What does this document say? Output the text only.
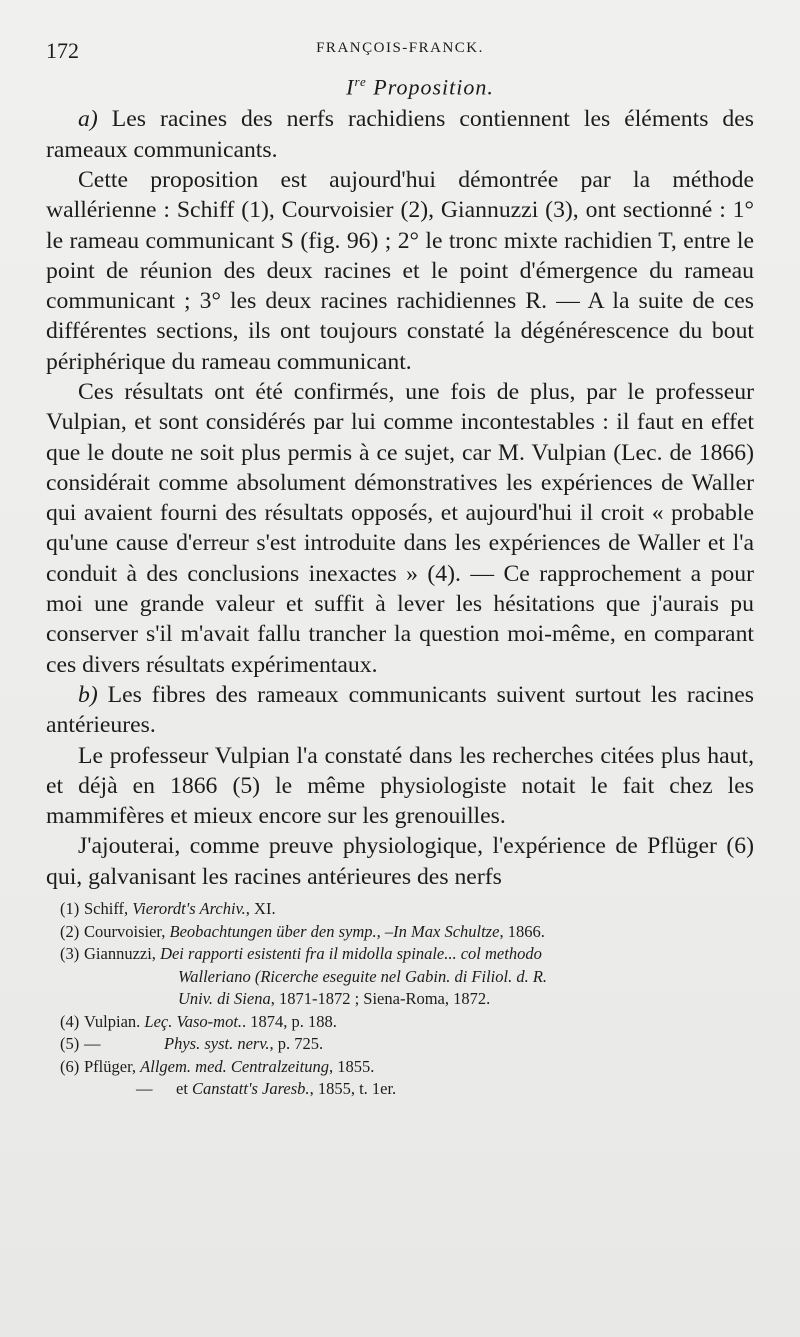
172	FRANÇOIS-FRANCK.
Ire Proposition.

a) Les racines des nerfs rachidiens contiennent les éléments des rameaux communicants.

Cette proposition est aujourd'hui démontrée par la méthode wallérienne : Schiff (1), Courvoisier (2), Giannuzzi (3), ont sectionné : 1° le rameau communicant S (fig. 96) ; 2° le tronc mixte rachidien T, entre le point de réunion des deux racines et le point d'émergence du rameau communicant ; 3° les deux racines rachidiennes R. — A la suite de ces différentes sections, ils ont toujours constaté la dégénérescence du bout périphérique du rameau communicant.

Ces résultats ont été confirmés, une fois de plus, par le professeur Vulpian, et sont considérés par lui comme incontestables : il faut en effet que le doute ne soit plus permis à ce sujet, car M. Vulpian (Lec. de 1866) considérait comme absolument démonstratives les expériences de Waller qui avaient fourni des résultats opposés, et aujourd'hui il croit « probable qu'une cause d'erreur s'est introduite dans les expériences de Waller et l'a conduit à des conclusions inexactes » (4). — Ce rapprochement a pour moi une grande valeur et suffit à lever les hésitations que j'aurais pu conserver s'il m'avait fallu trancher la question moi-même, en comparant ces divers résultats expérimentaux.

b) Les fibres des rameaux communicants suivent surtout les racines antérieures.

Le professeur Vulpian l'a constaté dans les recherches citées plus haut, et déjà en 1866 (5) le même physiologiste notait le fait chez les mammifères et mieux encore sur les grenouilles.

J'ajouterai, comme preuve physiologique, l'expérience de Pflüger (6) qui, galvanisant les racines antérieures des nerfs

(1) Schiff, Vierordt's Archiv., XI.
(2) Courvoisier, Beobachtungen über den symp., –In Max Schultze, 1866.
(3) Giannuzzi, Dei rapporti esistenti fra il midolla spinale... col methodo
Walleriano (Ricerche eseguite nel Gabin. di Filiol. d. R.
Univ. di Siena, 1871-1872 ; Siena-Roma, 1872.
(4) Vulpian. Leç. Vaso-mot.. 1874, p. 188.
(5) —	Phys. syst. nerv., p. 725.
(6) Pflüger, Allgem. med. Centralzeitung, 1855.
— et Canstatt's Jaresb., 1855, t. 1er.
